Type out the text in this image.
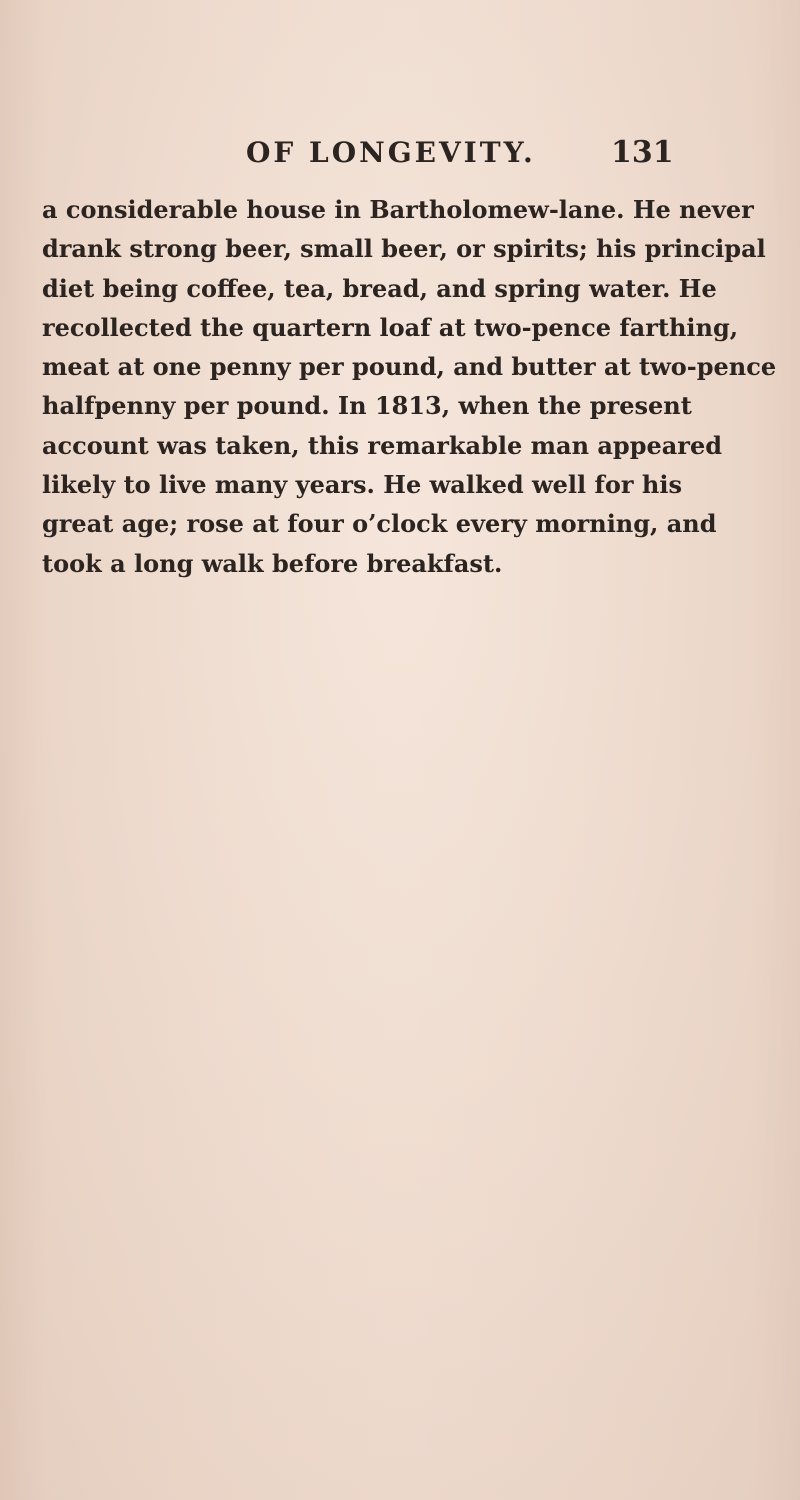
OF LONGEVITY.	131

a considerable house in Bartholomew-lane. He never
drank strong beer, small beer, or spirits; his principal
diet being coffee, tea, bread, and spring water. He
recollected the quartern loaf at two-pence farthing,
meat at one penny per pound, and butter at two-pence
halfpenny per pound. In 1813, when the present
account was taken, this remarkable man appeared
likely to live many years. He walked well for his
great age; rose at four o’clock every morning, and
took a long walk before breakfast.
